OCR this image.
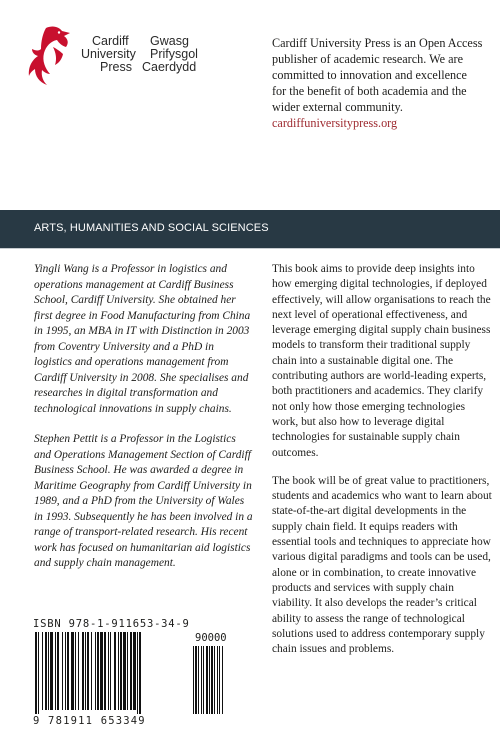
Cardiff Gwasg
University Prifysgol
Press Caerdydd
Cardiff University Press is an Open Access publisher of academic research. We are committed to innovation and excellence for the benefit of both academia and the wider external community.
cardiffuniversitypress.org
ARTS, HUMANITIES AND SOCIAL SCIENCES

Yingli Wang is a Professor in logistics and operations management at Cardiff Business School, Cardiff University. She obtained her first degree in Food Manufacturing from China in 1995, an MBA in IT with Distinction in 2003 from Coventry University and a PhD in logistics and operations management from Cardiff University in 2008. She specialises and researches in digital transformation and technological innovations in supply chains.

Stephen Pettit is a Professor in the Logistics and Operations Management Section of Cardiff Business School. He was awarded a degree in Maritime Geography from Cardiff University in 1989, and a PhD from the University of Wales in 1993. Subsequently he has been involved in a range of transport-related research. His recent work has focused on humanitarian aid logistics and supply chain management.

This book aims to provide deep insights into how emerging digital technologies, if deployed effectively, will allow organisations to reach the next level of operational effectiveness, and leverage emerging digital supply chain business models to transform their traditional supply chain into a sustainable digital one. The contributing authors are world-leading experts, both practitioners and academics. They clarify not only how those emerging technologies work, but also how to leverage digital technologies for sustainable supply chain outcomes.

The book will be of great value to practitioners, students and academics who want to learn about state-of-the-art digital developments in the supply chain field. It equips readers with essential tools and techniques to appreciate how various digital paradigms and tools can be used, alone or in combination, to create innovative products and services with supply chain viability. It also develops the reader’s critical ability to assess the range of technological solutions used to address contemporary supply chain issues and problems.

ISBN 978-1-911653-34-9
90000
9 781911 653349
